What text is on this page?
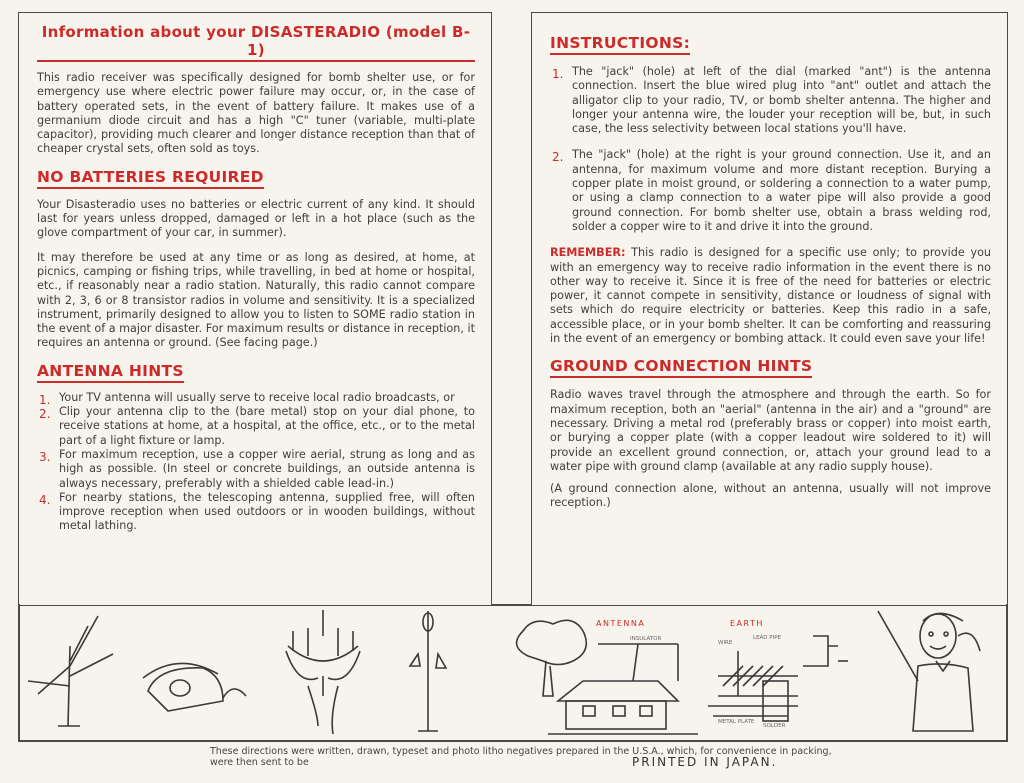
Information about your DISASTERADIO (model B-1)

This radio receiver was specifically designed for bomb shelter use, or for emergency use where electric power failure may occur, or, in the case of battery operated sets, in the event of battery failure. It makes use of a germanium diode circuit and has a high "C" tuner (variable, multi-plate capacitor), providing much clearer and longer distance reception than that of cheaper crystal sets, often sold as toys.

NO BATTERIES REQUIRED

Your Disasteradio uses no batteries or electric current of any kind. It should last for years unless dropped, damaged or left in a hot place (such as the glove compartment of your car, in summer).

It may therefore be used at any time or as long as desired, at home, at picnics, camping or fishing trips, while travelling, in bed at home or hospital, etc., if reasonably near a radio station. Naturally, this radio cannot compare with 2, 3, 6 or 8 transistor radios in volume and sensitivity. It is a specialized instrument, primarily designed to allow you to listen to SOME radio station in the event of a major disaster. For maximum results or distance in reception, it requires an antenna or ground. (See facing page.)

ANTENNA HINTS
1. Your TV antenna will usually serve to receive local radio broadcasts, or
2. Clip your antenna clip to the (bare metal) stop on your dial phone, to receive stations at home, at a hospital, at the office, etc., or to the metal part of a light fixture or lamp.
3. For maximum reception, use a copper wire aerial, strung as long and as high as possible. (In steel or concrete buildings, an outside antenna is always necessary, preferably with a shielded cable lead-in.)
4. For nearby stations, the telescoping antenna, supplied free, will often improve reception when used outdoors or in wooden buildings, without metal lathing.
INSTRUCTIONS:
1. The "jack" (hole) at left of the dial (marked "ant") is the antenna connection. Insert the blue wired plug into "ant" outlet and attach the alligator clip to your radio, TV, or bomb shelter antenna. The higher and longer your antenna wire, the louder your reception will be, but, in such case, the less selectivity between local stations you'll have.
2. The "jack" (hole) at the right is your ground connection. Use it, and an antenna, for maximum volume and more distant reception. Burying a copper plate in moist ground, or soldering a connection to a water pump, or using a clamp connection to a water pipe will also provide a good ground connection. For bomb shelter use, obtain a brass welding rod, solder a copper wire to it and drive it into the ground.

REMEMBER: This radio is designed for a specific use only; to provide you with an emergency way to receive radio information in the event there is no other way to receive it. Since it is free of the need for batteries or electric power, it cannot compete in sensitivity, distance or loudness of signal with sets which do require electricity or batteries. Keep this radio in a safe, accessible place, or in your bomb shelter. It can be comforting and reassuring in the event of an emergency or bombing attack. It could even save your life!

GROUND CONNECTION HINTS

Radio waves travel through the atmosphere and through the earth. So for maximum reception, both an "aerial" (antenna in the air) and a "ground" are necessary. Driving a metal rod (preferably brass or copper) into moist earth, or burying a copper plate (with a copper leadout wire soldered to it) will provide an excellent ground connection, or, attach your ground lead to a water pipe with ground clamp (available at any radio supply house).

(A ground connection alone, without an antenna, usually will not improve reception.)

ANTENNA
INSULATOR
EARTH
LEAD PIPE
WIRE
METAL PLATE
SOLDER
These directions were written, drawn, typeset and photo litho negatives prepared in the U.S.A., which, for convenience in packing, were then sent to be	PRINTED IN JAPAN.
